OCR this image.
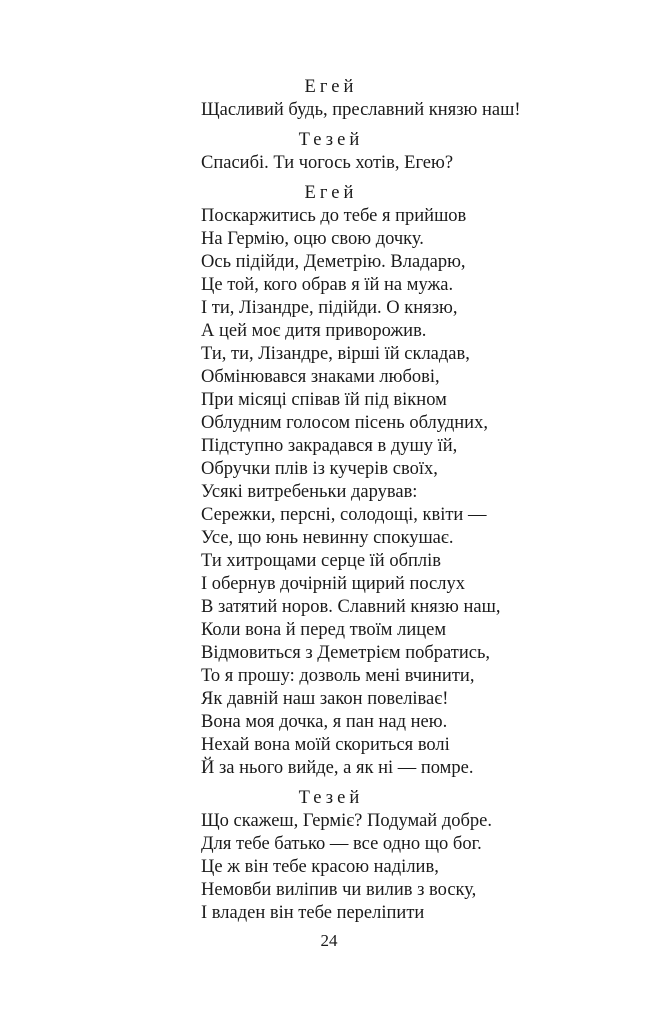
Егей

Щасливий будь, преславний князю наш!

Тезей

Спасибі. Ти чогось хотів, Егею?

Егей

Поскаржитись до тебе я прийшов

На Гермію, оцю свою дочку.

Ось підійди, Деметрію. Владарю,

Це той, кого обрав я їй на мужа.

І ти, Лізандре, підійди. О князю,

А цей моє дитя приворожив.

Ти, ти, Лізандре, вірші їй складав,

Обмінювався знаками любові,

При місяці співав їй під вікном

Облудним голосом пісень облудних,

Підступно закрадався в душу їй,

Обручки плів із кучерів своїх,

Усякі витребеньки дарував:

Сережки, персні, солодощі, квіти —

Усе, що юнь невинну спокушає.

Ти хитрощами серце їй обплів

І обернув дочірній щирий послух

В затятий норов. Славний князю наш,

Коли вона й перед твоїм лицем

Відмовиться з Деметрієм побратись,

То я прошу: дозволь мені вчинити,

Як давній наш закон повеліває!

Вона моя дочка, я пан над нею.

Нехай вона моїй скориться волі

Й за нього вийде, а як ні — помре.

Тезей

Що скажеш, Герміє? Подумай добре.

Для тебе батько — все одно що бог.

Це ж він тебе красою наділив,

Немовби виліпив чи вилив з воску,

І владен він тебе переліпити

24
